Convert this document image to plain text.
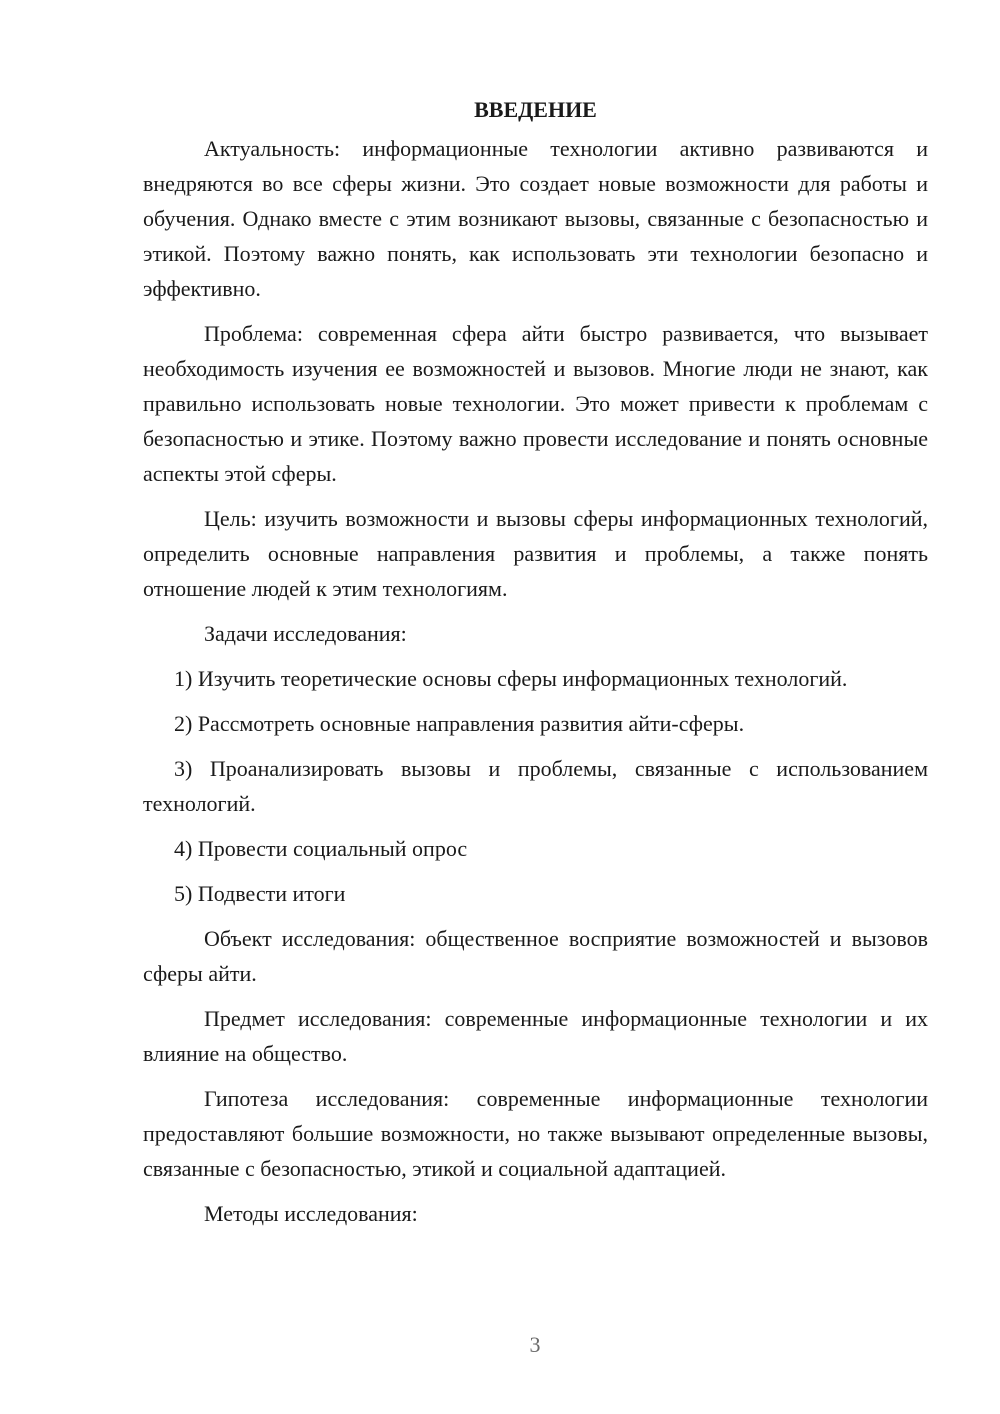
ВВЕДЕНИЕ

Актуальность: информационные технологии активно развиваются и внедряются во все сферы жизни. Это создает новые возможности для работы и обучения. Однако вместе с этим возникают вызовы, связанные с безопасностью и этикой. Поэтому важно понять, как использовать эти технологии безопасно и эффективно.

Проблема: современная сфера айти быстро развивается, что вызывает необходимость изучения ее возможностей и вызовов. Многие люди не знают, как правильно использовать новые технологии. Это может привести к проблемам с безопасностью и этике. Поэтому важно провести исследование и понять основные аспекты этой сферы.

Цель: изучить возможности и вызовы сферы информационных технологий, определить основные направления развития и проблемы, а также понять отношение людей к этим технологиям.

Задачи исследования:

1) Изучить теоретические основы сферы информационных технологий.

2) Рассмотреть основные направления развития айти-сферы.

3) Проанализировать вызовы и проблемы, связанные с использованием технологий.

4) Провести социальный опрос

5) Подвести итоги

Объект исследования: общественное восприятие возможностей и вызовов сферы айти.

Предмет исследования: современные информационные технологии и их влияние на общество.

Гипотеза исследования: современные информационные технологии предоставляют большие возможности, но также вызывают определенные вызовы, связанные с безопасностью, этикой и социальной адаптацией.

Методы исследования:

3
